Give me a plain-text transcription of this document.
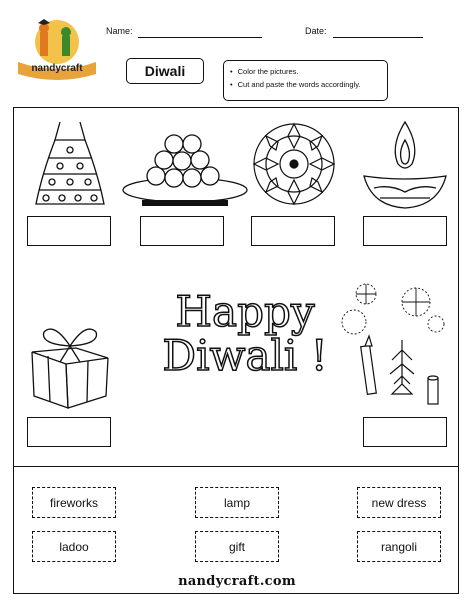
nandycraft
Name:	Date:
Diwali
•	Color the pictures.
• Cut and paste the words accordingly.
Happy
Diwali !
fireworks	lamp	new dress
ladoo	gift	rangoli
nandycraft.com
